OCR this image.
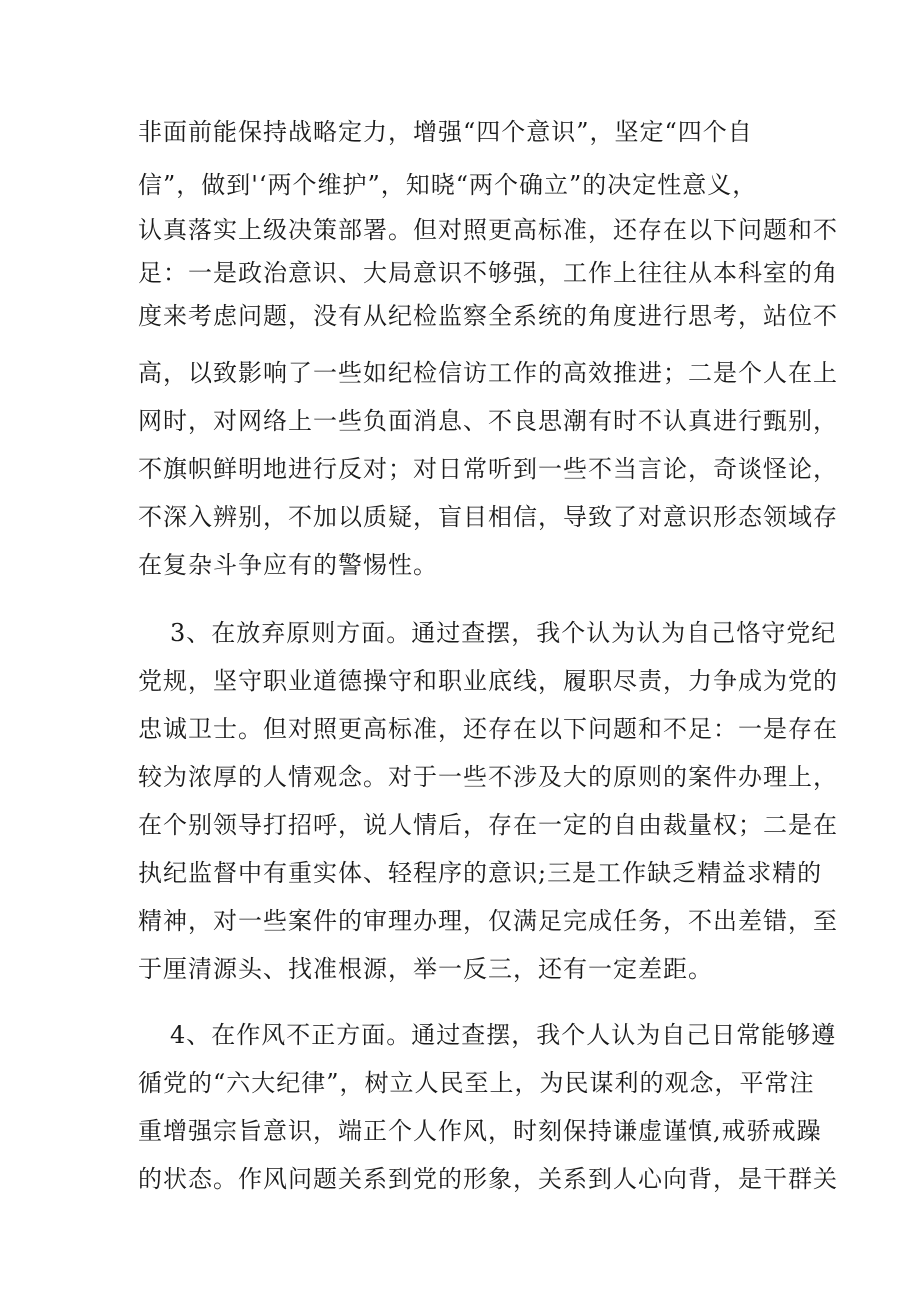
非面前能保持战略定力，增强“四个意识”，坚定“四个自
信”，做到'‘两个维护”，知晓“两个确立”的决定性意义，
认真落实上级决策部署。但对照更高标准，还存在以下问题和不
足：一是政治意识、大局意识不够强，工作上往往从本科室的角
度来考虑问题，没有从纪检监察全系统的角度进行思考，站位不
高，以致影响了一些如纪检信访工作的高效推进；二是个人在上
网时，对网络上一些负面消息、不良思潮有时不认真进行甄别，
不旗帜鲜明地进行反对；对日常听到一些不当言论，奇谈怪论，
不深入辨别，不加以质疑，盲目相信，导致了对意识形态领域存
在复杂斗争应有的警惕性。
3、在放弃原则方面。通过查摆，我个认为认为自己恪守党纪
党规，坚守职业道德操守和职业底线，履职尽责，力争成为党的
忠诚卫士。但对照更高标准，还存在以下问题和不足：一是存在
较为浓厚的人情观念。对于一些不涉及大的原则的案件办理上，
在个别领导打招呼，说人情后，存在一定的自由裁量权；二是在
执纪监督中有重实体、轻程序的意识;三是工作缺乏精益求精的
精神，对一些案件的审理办理，仅满足完成任务，不出差错，至
于厘清源头、找准根源，举一反三，还有一定差距。
4、在作风不正方面。通过查摆，我个人认为自己日常能够遵
循党的“六大纪律”，树立人民至上，为民谋利的观念，平常注
重增强宗旨意识，端正个人作风，时刻保持谦虚谨慎,戒骄戒躁
的状态。作风问题关系到党的形象，关系到人心向背，是干群关
